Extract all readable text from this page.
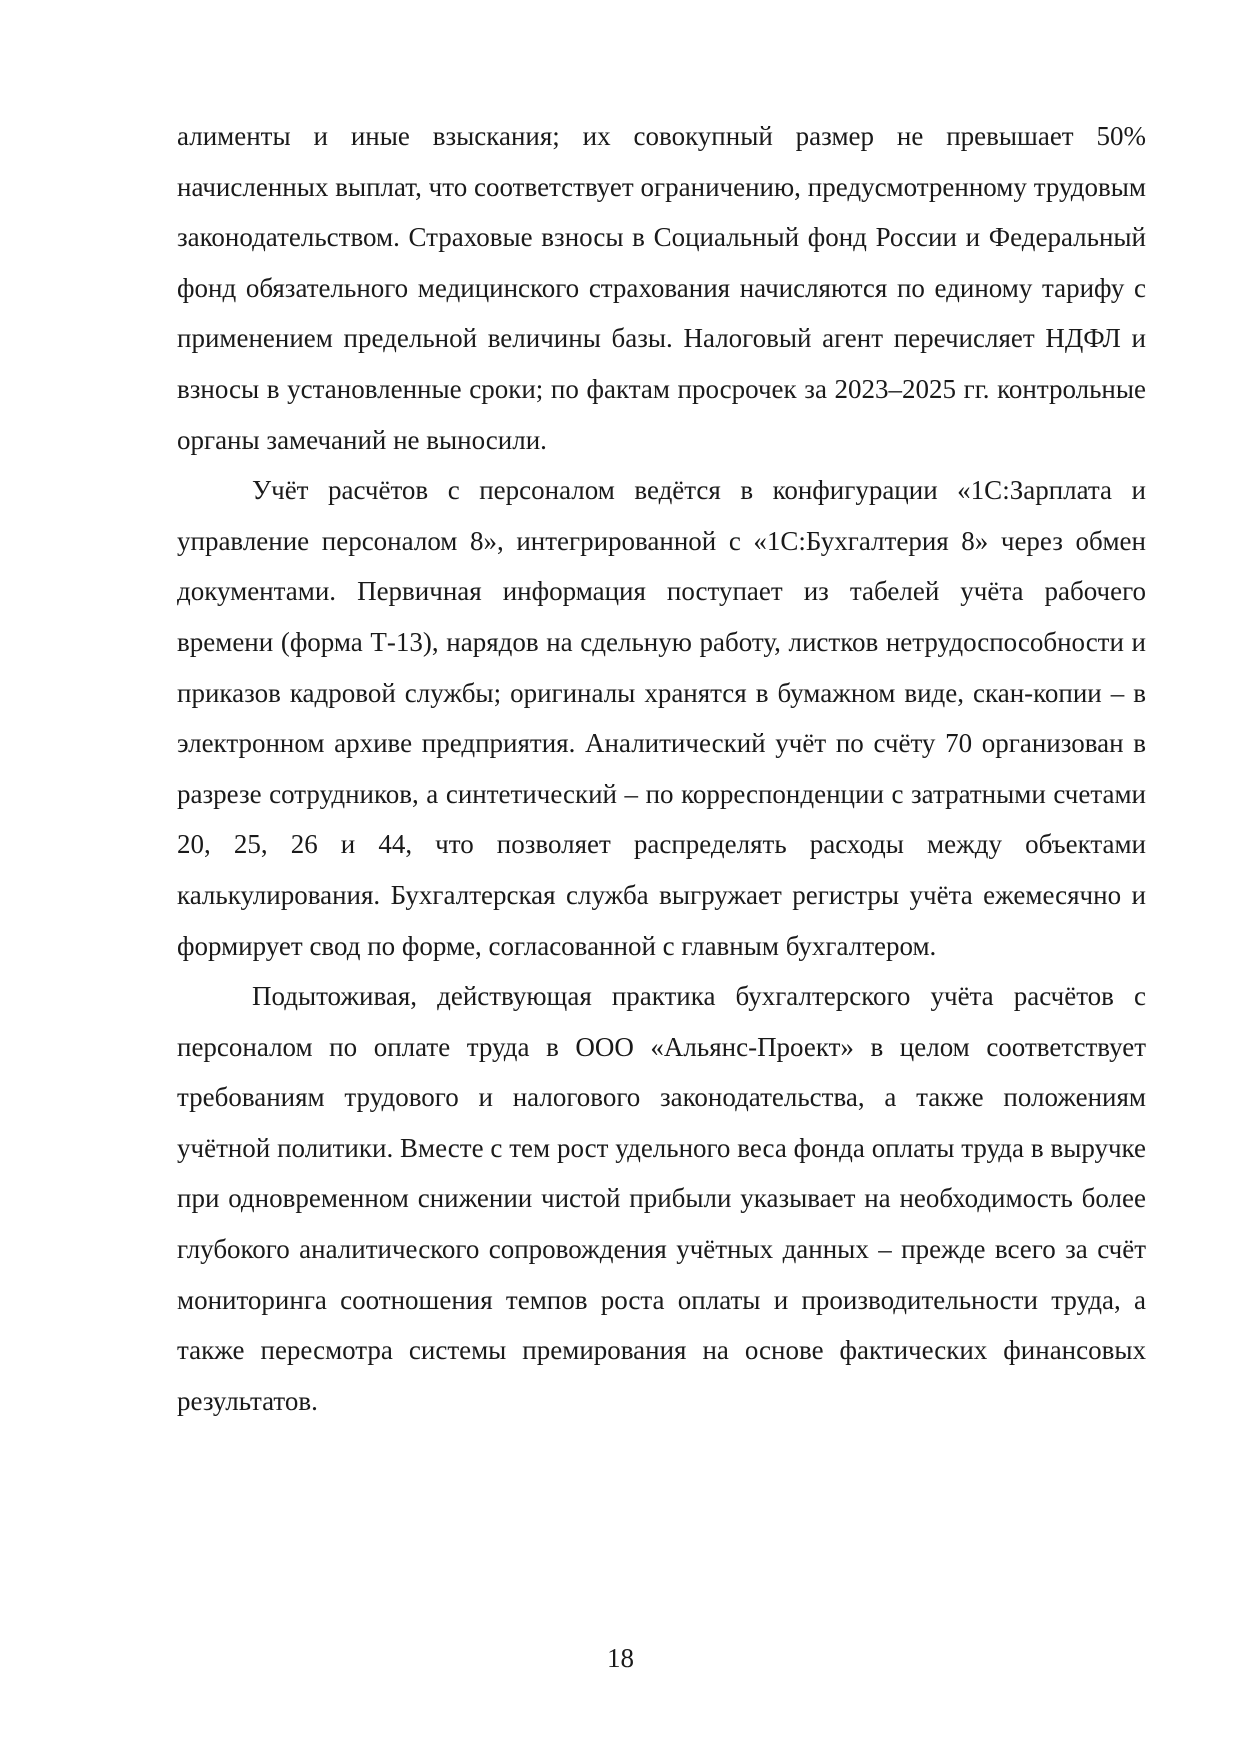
алименты и иные взыскания; их совокупный размер не превышает 50% начисленных выплат, что соответствует ограничению, предусмотренному трудовым законодательством. Страховые взносы в Социальный фонд России и Федеральный фонд обязательного медицинского страхования начисляются по единому тарифу с применением предельной величины базы. Налоговый агент перечисляет НДФЛ и взносы в установленные сроки; по фактам просрочек за 2023–2025 гг. контрольные органы замечаний не выносили.

Учёт расчётов с персоналом ведётся в конфигурации «1С:Зарплата и управление персоналом 8», интегрированной с «1С:Бухгалтерия 8» через обмен документами. Первичная информация поступает из табелей учёта рабочего времени (форма Т-13), нарядов на сдельную работу, листков нетрудоспособности и приказов кадровой службы; оригиналы хранятся в бумажном виде, скан-копии – в электронном архиве предприятия. Аналитический учёт по счёту 70 организован в разрезе сотрудников, а синтетический – по корреспонденции с затратными счетами 20, 25, 26 и 44, что позволяет распределять расходы между объектами калькулирования. Бухгалтерская служба выгружает регистры учёта ежемесячно и формирует свод по форме, согласованной с главным бухгалтером.

Подытоживая, действующая практика бухгалтерского учёта расчётов с персоналом по оплате труда в ООО «Альянс-Проект» в целом соответствует требованиям трудового и налогового законодательства, а также положениям учётной политики. Вместе с тем рост удельного веса фонда оплаты труда в выручке при одновременном снижении чистой прибыли указывает на необходимость более глубокого аналитического сопровождения учётных данных – прежде всего за счёт мониторинга соотношения темпов роста оплаты и производительности труда, а также пересмотра системы премирования на основе фактических финансовых результатов.

18
